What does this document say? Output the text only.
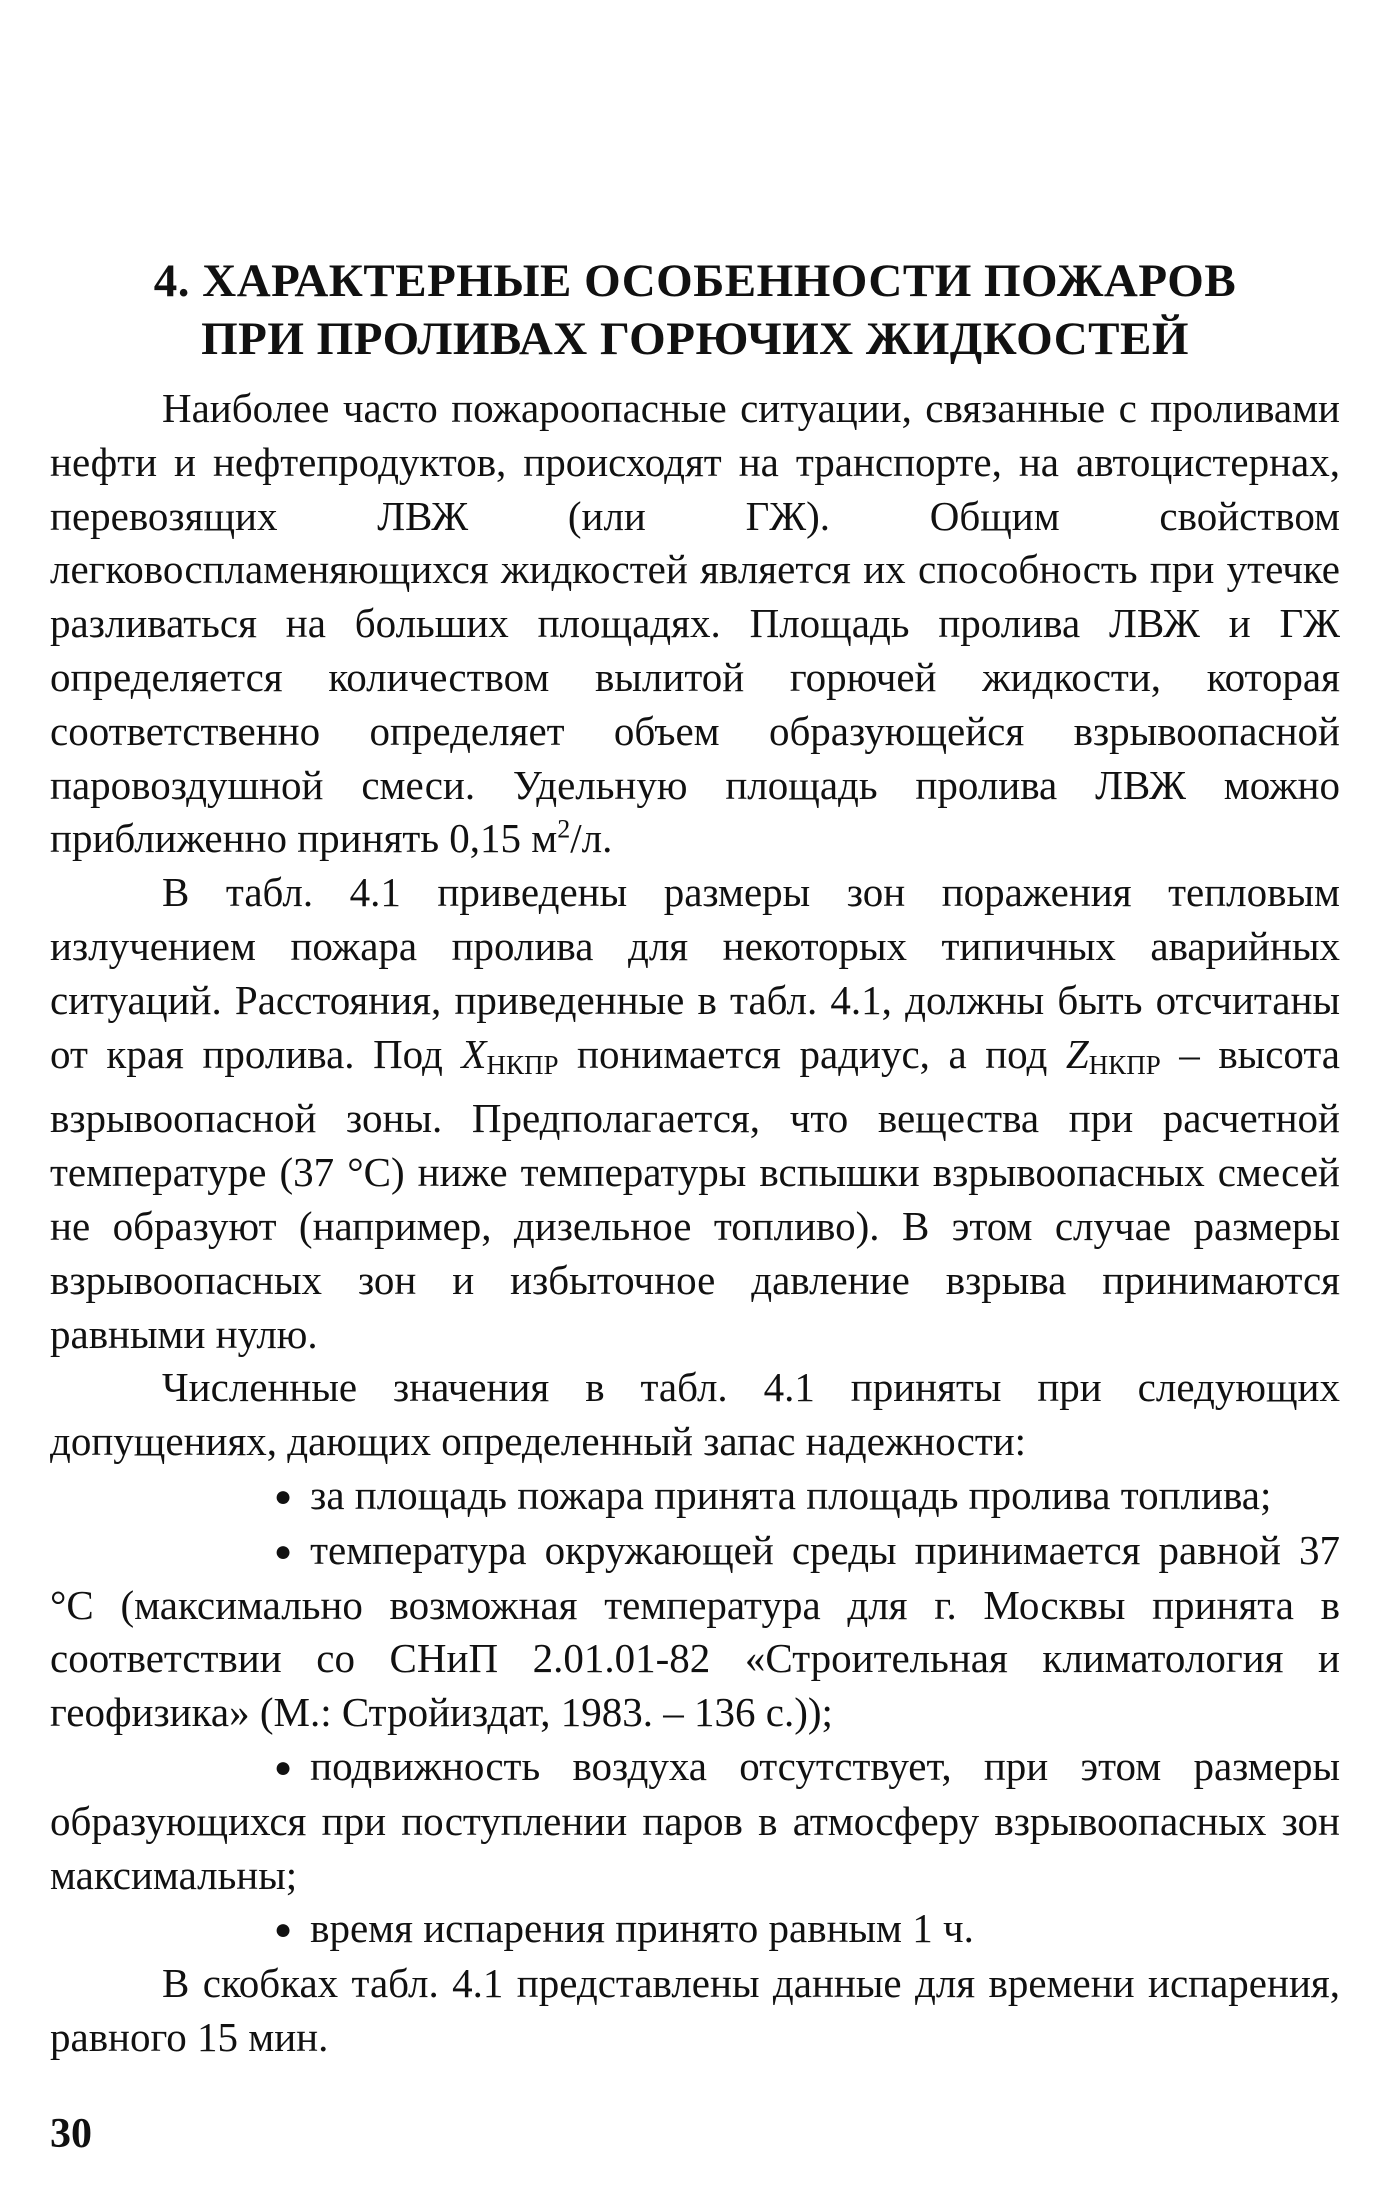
4. ХАРАКТЕРНЫЕ ОСОБЕННОСТИ ПОЖАРОВ
ПРИ ПРОЛИВАХ ГОРЮЧИХ ЖИДКОСТЕЙ

Наиболее часто пожароопасные ситуации, связанные с проливами нефти и нефтепродуктов, происходят на транспорте, на автоцистернах, перевозящих ЛВЖ (или ГЖ). Общим свойством легковоспламеняющихся жидкостей является их способность при утечке разливаться на больших площадях. Площадь пролива ЛВЖ и ГЖ определяется количеством вылитой горючей жидкости, которая соответственно определяет объем образующейся взрывоопасной паровоздушной смеси. Удельную площадь пролива ЛВЖ можно приближенно принять 0,15 $м^2/л$.

В табл. 4.1 приведены размеры зон поражения тепловым излучением пожара пролива для некоторых типичных аварийных ситуаций. Расстояния, приведенные в табл. 4.1, должны быть отсчитаны от края пролива. Под $X_{НКПР}$ понимается радиус, а под $Z_{НКПР}$ – высота взрывоопасной зоны. Предполагается, что вещества при расчетной температуре (37 °С) ниже температуры вспышки взрывоопасных смесей не образуют (например, дизельное топливо). В этом случае размеры взрывоопасных зон и избыточное давление взрыва принимаются равными нулю.

Численные значения в табл. 4.1 приняты при следующих допущениях, дающих определенный запас надежности:

● за площадь пожара принята площадь пролива топлива;

● температура окружающей среды принимается равной 37 °С (максимально возможная температура для г. Москвы принята в соответствии со СНиП 2.01.01-82 «Строительная климатология и геофизика» (М.: Стройиздат, 1983. – 136 с.));

● подвижность воздуха отсутствует, при этом размеры образующихся при поступлении паров в атмосферу взрывоопасных зон максимальны;

● время испарения принято равным 1 ч.

В скобках табл. 4.1 представлены данные для времени испарения, равного 15 мин.

30
